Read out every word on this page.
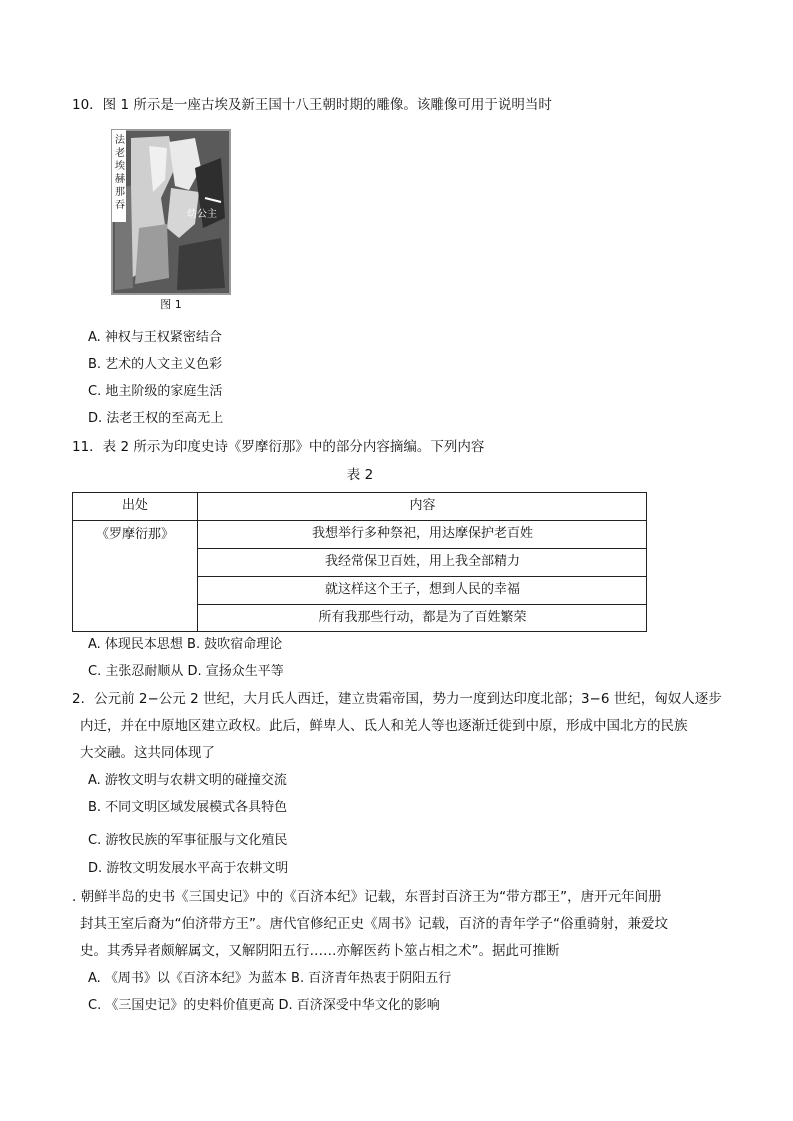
10．图 1 所示是一座古埃及新王国十八王朝时期的雕像。该雕像可用于说明当时
法老埃赫那吞
幼公主
图 1
A. 神权与王权紧密结合
B. 艺术的人文主义色彩
C. 地主阶级的家庭生活
D. 法老王权的至高无上
11．表 2 所示为印度史诗《罗摩衍那》中的部分内容摘编。下列内容
表 2
出处	内容
《罗摩衍那》	我想举行多种祭祀，用达摩保护老百姓
我经常保卫百姓，用上我全部精力
就这样这个王子，想到人民的幸福
所有我那些行动，都是为了百姓繁荣
A. 体现民本思想 B. 鼓吹宿命理论
C. 主张忍耐顺从 D. 宣扬众生平等
2．公元前 2−公元 2 世纪，大月氏人西迁，建立贵霜帝国，势力一度到达印度北部；3−6 世纪，匈奴人逐步
内迁，并在中原地区建立政权。此后，鲜卑人、氐人和羌人等也逐渐迁徙到中原，形成中国北方的民族
大交融。这共同体现了
A. 游牧文明与农耕文明的碰撞交流
B. 不同文明区域发展模式各具特色
C. 游牧民族的军事征服与文化殖民
D. 游牧文明发展水平高于农耕文明
. 朝鲜半岛的史书《三国史记》中的《百济本纪》记载，东晋封百济王为“带方郡王”，唐开元年间册
封其王室后裔为“伯济带方王”。唐代官修纪正史《周书》记载，百济的青年学子“俗重骑射，兼爱坟
史。其秀异者颇解属文，又解阴阳五行……亦解医药卜筮占相之术”。据此可推断
A. 《周书》以《百济本纪》为蓝本 B. 百济青年热衷于阴阳五行
C. 《三国史记》的史料价值更高 D. 百济深受中华文化的影响
